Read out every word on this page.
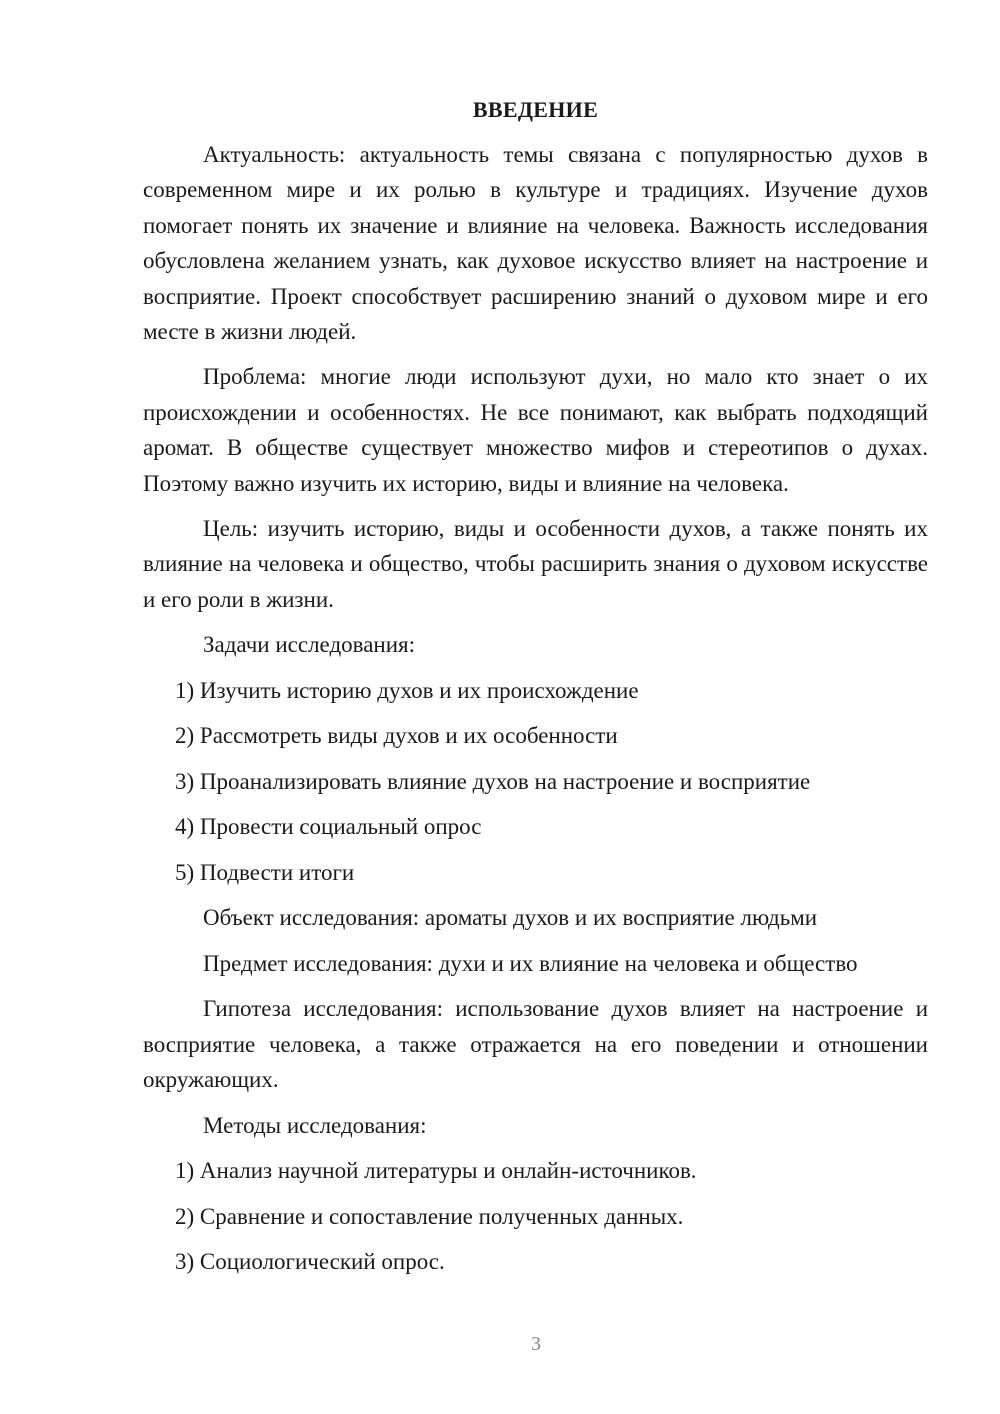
ВВЕДЕНИЕ

Актуальность: актуальность темы связана с популярностью духов в современном мире и их ролью в культуре и традициях. Изучение духов помогает понять их значение и влияние на человека. Важность исследования обусловлена желанием узнать, как духовое искусство влияет на настроение и восприятие. Проект способствует расширению знаний о духовом мире и его месте в жизни людей.

Проблема: многие люди используют духи, но мало кто знает о их происхождении и особенностях. Не все понимают, как выбрать подходящий аромат. В обществе существует множество мифов и стереотипов о духах. Поэтому важно изучить их историю, виды и влияние на человека.

Цель: изучить историю, виды и особенности духов, а также понять их влияние на человека и общество, чтобы расширить знания о духовом искусстве и его роли в жизни.

Задачи исследования:
1) Изучить историю духов и их происхождение
2) Рассмотреть виды духов и их особенности
3) Проанализировать влияние духов на настроение и восприятие
4) Провести социальный опрос
5) Подвести итоги
Объект исследования: ароматы духов и их восприятие людьми
Предмет исследования: духи и их влияние на человека и общество

Гипотеза исследования: использование духов влияет на настроение и восприятие человека, а также отражается на его поведении и отношении окружающих.

Методы исследования:
1) Анализ научной литературы и онлайн-источников.
2) Сравнение и сопоставление полученных данных.
3) Социологический опрос.
3
